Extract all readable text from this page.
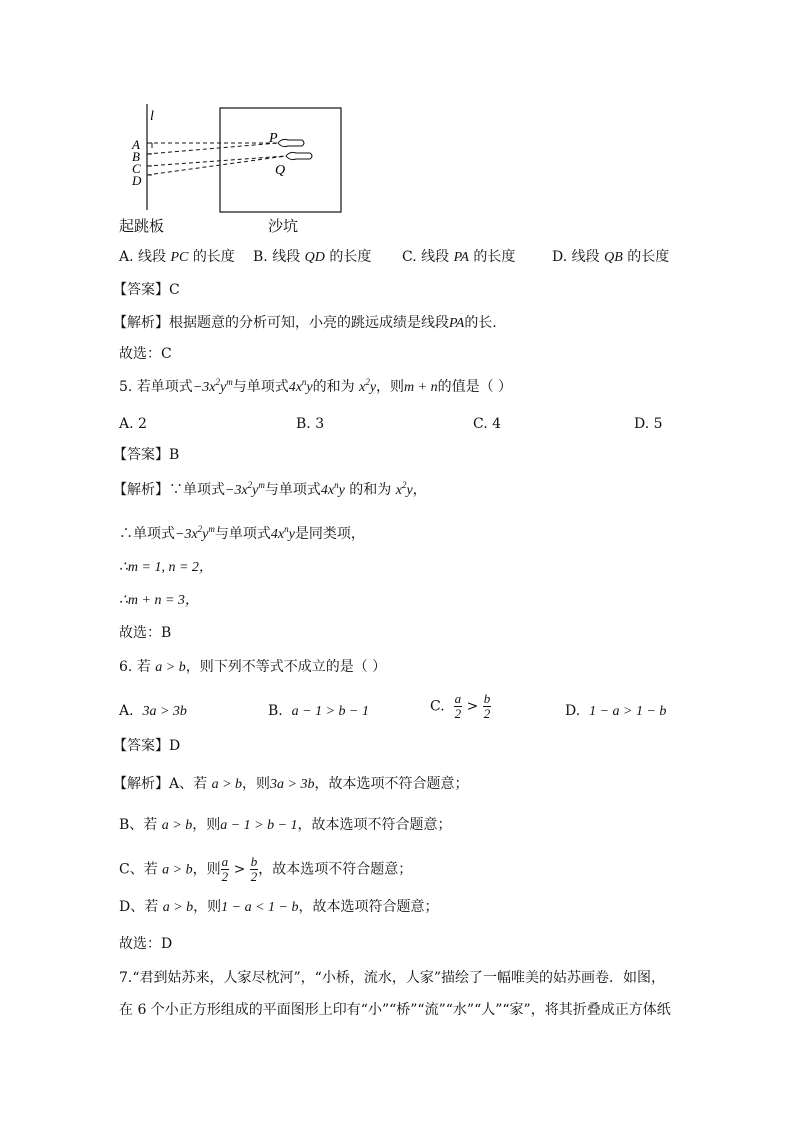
l
A
B
C
D
P
Q
起跳板	沙坑
A. 线段 PC 的长度 B. 线段 QD 的长度 C. 线段 PA 的长度	D. 线段 QB 的长度
【答案】C
【解析】根据题意的分析可知，小亮的跳远成绩是线段PA的长.
故选：C
5. 若单项式$-3x^2y^m$与单项式$4x^ny$的和为 $x^2y$，则m + n的值是（ ）
A. 2	B. 3	C. 4	D. 5
【答案】B
【解析】∵单项式$-3x^2y^m$与单项式$4x^ny$ 的和为 $x^2y$，
∴单项式$-3x^2y^m$与单项式$4x^ny$是同类项，
∴m = 1, n = 2，
∴m + n = 3，
故选：B
6. 若 a > b，则下列不等式不成立的是（ ）
A. 3a > 3b	B. a − 1 > b − 1	C. $\frac{a}{2} > \frac{b}{2}$	D. 1 − a > 1 − b
【答案】D
【解析】A、若 a > b，则3a > 3b，故本选项不符合题意；
B、若 a > b，则a − 1 > b − 1，故本选项不符合题意；
C、若 a > b，则 $\frac{a}{2} > \frac{b}{2}$ ，故本选项不符合题意；
D、若 a > b，则1 − a < 1 − b，故本选项符合题意；
故选：D
7.“君到姑苏来，人家尽枕河”，“小桥，流水，人家”描绘了一幅唯美的姑苏画卷．如图，
在 6 个小正方形组成的平面图形上印有“小”“桥”“流”“水”“人”“家”，将其折叠成正方体纸
